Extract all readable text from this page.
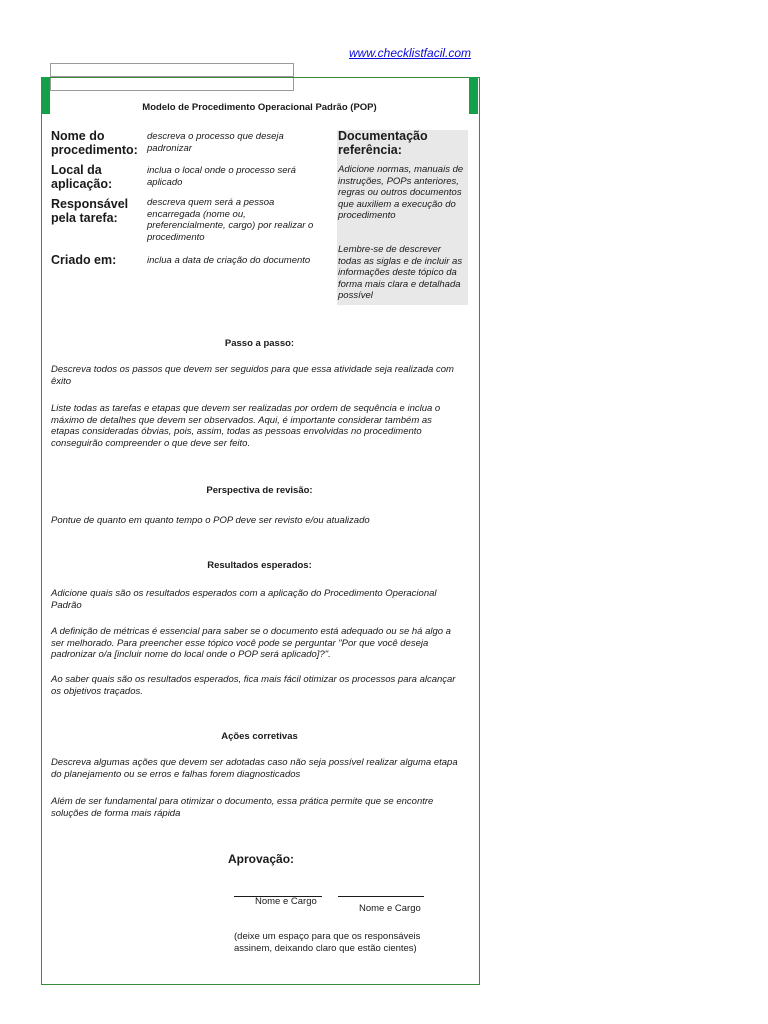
www.checklistfacil.com
Modelo de Procedimento Operacional Padrão (POP)
Nome do
procedimento:
descreva o processo que deseja padronizar
Local da
aplicação:
inclua o local onde o processo será aplicado
Responsável
pela tarefa:
descreva quem será a pessoa encarregada (nome ou, preferencialmente, cargo) por realizar o procedimento
Criado em:	inclua a data de criação do documento
Documentação
referência:
Adicione normas, manuais de instruções, POPs anteriores, regras ou outros documentos que auxiliem a execução do procedimento
Lembre-se de descrever todas as siglas e de incluir as informações deste tópico da forma mais clara e detalhada possível
Passo a passo:
Descreva todos os passos que devem ser seguidos para que essa atividade seja realizada com êxito
Liste todas as tarefas e etapas que devem ser realizadas por ordem de sequência e inclua o máximo de detalhes que devem ser observados. Aqui, é importante considerar também as etapas consideradas óbvias, pois, assim, todas as pessoas envolvidas no procedimento conseguirão compreender o que deve ser feito.
Perspectiva de revisão:
Pontue de quanto em quanto tempo o POP deve ser revisto e/ou atualizado
Resultados esperados:
Adicione quais são os resultados esperados com a aplicação do Procedimento Operacional Padrão
A definição de métricas é essencial para saber se o documento está adequado ou se há algo a ser melhorado. Para preencher esse tópico você pode se perguntar "Por que você deseja padronizar o/a [incluir nome do local onde o POP será aplicado]?".
Ao saber quais são os resultados esperados, fica mais fácil otimizar os processos para alcançar os objetivos traçados.
Ações corretivas
Descreva algumas ações que devem ser adotadas caso não seja possível realizar alguma etapa do planejamento ou se erros e falhas forem diagnosticados
Além de ser fundamental para otimizar o documento, essa prática permite que se encontre soluções de forma mais rápida
Aprovação:
Nome e Cargo
Nome e Cargo
(deixe um espaço para que os responsáveis assinem, deixando claro que estão cientes)
